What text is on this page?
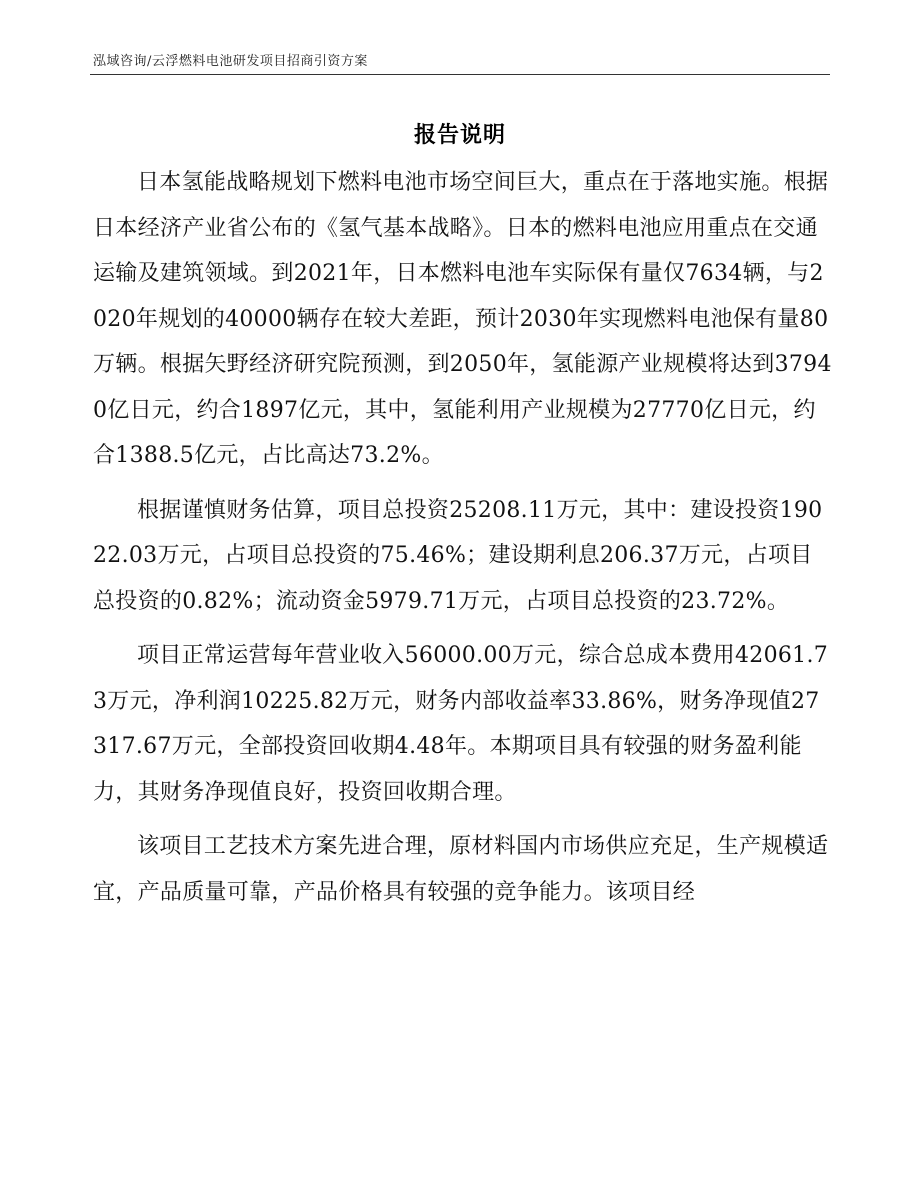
泓域咨询/云浮燃料电池研发项目招商引资方案
报告说明

日本氢能战略规划下燃料电池市场空间巨大，重点在于落地实施。根据日本经济产业省公布的《氢气基本战略》。日本的燃料电池应用重点在交通运输及建筑领域。到2021年，日本燃料电池车实际保有量仅7634辆，与2020年规划的40000辆存在较大差距，预计2030年实现燃料电池保有量80万辆。根据矢野经济研究院预测，到2050年，氢能源产业规模将达到37940亿日元，约合1897亿元，其中，氢能利用产业规模为27770亿日元，约合1388.5亿元，占比高达73.2%。

根据谨慎财务估算，项目总投资25208.11万元，其中：建设投资19022.03万元，占项目总投资的75.46%；建设期利息206.37万元，占项目总投资的0.82%；流动资金5979.71万元，占项目总投资的23.72%。

项目正常运营每年营业收入56000.00万元，综合总成本费用42061.73万元，净利润10225.82万元，财务内部收益率33.86%，财务净现值27317.67万元，全部投资回收期4.48年。本期项目具有较强的财务盈利能力，其财务净现值良好，投资回收期合理。

该项目工艺技术方案先进合理，原材料国内市场供应充足，生产规模适宜，产品质量可靠，产品价格具有较强的竞争能力。该项目经
